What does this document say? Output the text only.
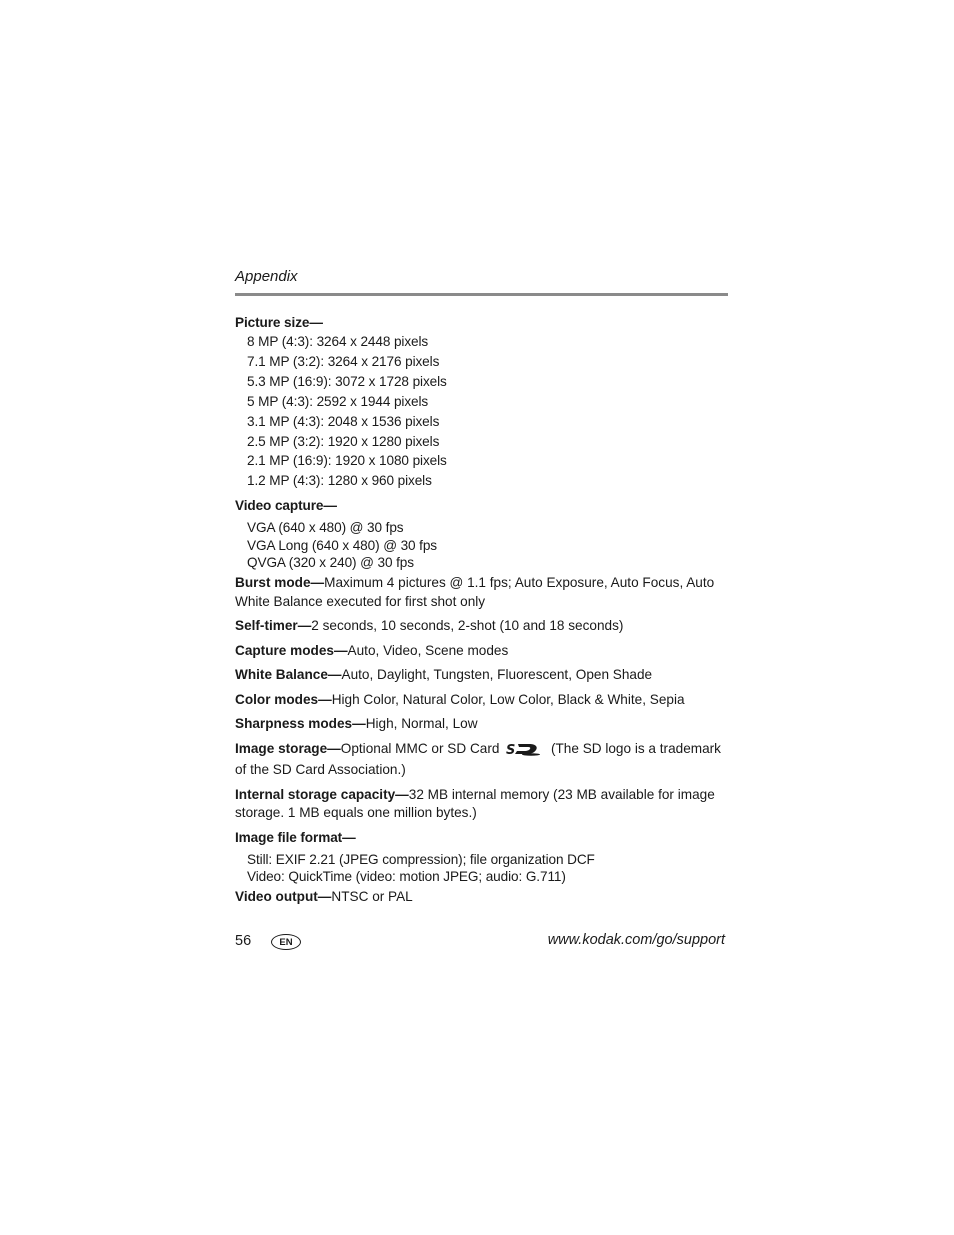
Appendix
Picture size—
8 MP (4:3): 3264 x 2448 pixels
7.1 MP (3:2): 3264 x 2176 pixels
5.3 MP (16:9): 3072 x 1728 pixels
5 MP (4:3): 2592 x 1944 pixels
3.1 MP (4:3): 2048 x 1536 pixels
2.5 MP (3:2): 1920 x 1280 pixels
2.1 MP (16:9): 1920 x 1080 pixels
1.2 MP (4:3): 1280 x 960 pixels
Video capture—
VGA (640 x 480) @ 30 fps
VGA Long (640 x 480) @ 30 fps
QVGA (320 x 240) @ 30 fps
Burst mode—Maximum 4 pictures @ 1.1 fps; Auto Exposure, Auto Focus, Auto White Balance executed for first shot only
Self-timer—2 seconds, 10 seconds, 2-shot (10 and 18 seconds)
Capture modes—Auto, Video, Scene modes
White Balance—Auto, Daylight, Tungsten, Fluorescent, Open Shade
Color modes—High Color, Natural Color, Low Color, Black & White, Sepia
Sharpness modes—High, Normal, Low
Image storage—Optional MMC or SD Card S	(The SD logo is a trademark of the SD Card Association.)
Internal storage capacity—32 MB internal memory (23 MB available for image storage. 1 MB equals one million bytes.)
Image file format—
Still: EXIF 2.21 (JPEG compression); file organization DCF
Video: QuickTime (video: motion JPEG; audio: G.711)
Video output—NTSC or PAL
56	EN	www.kodak.com/go/support
